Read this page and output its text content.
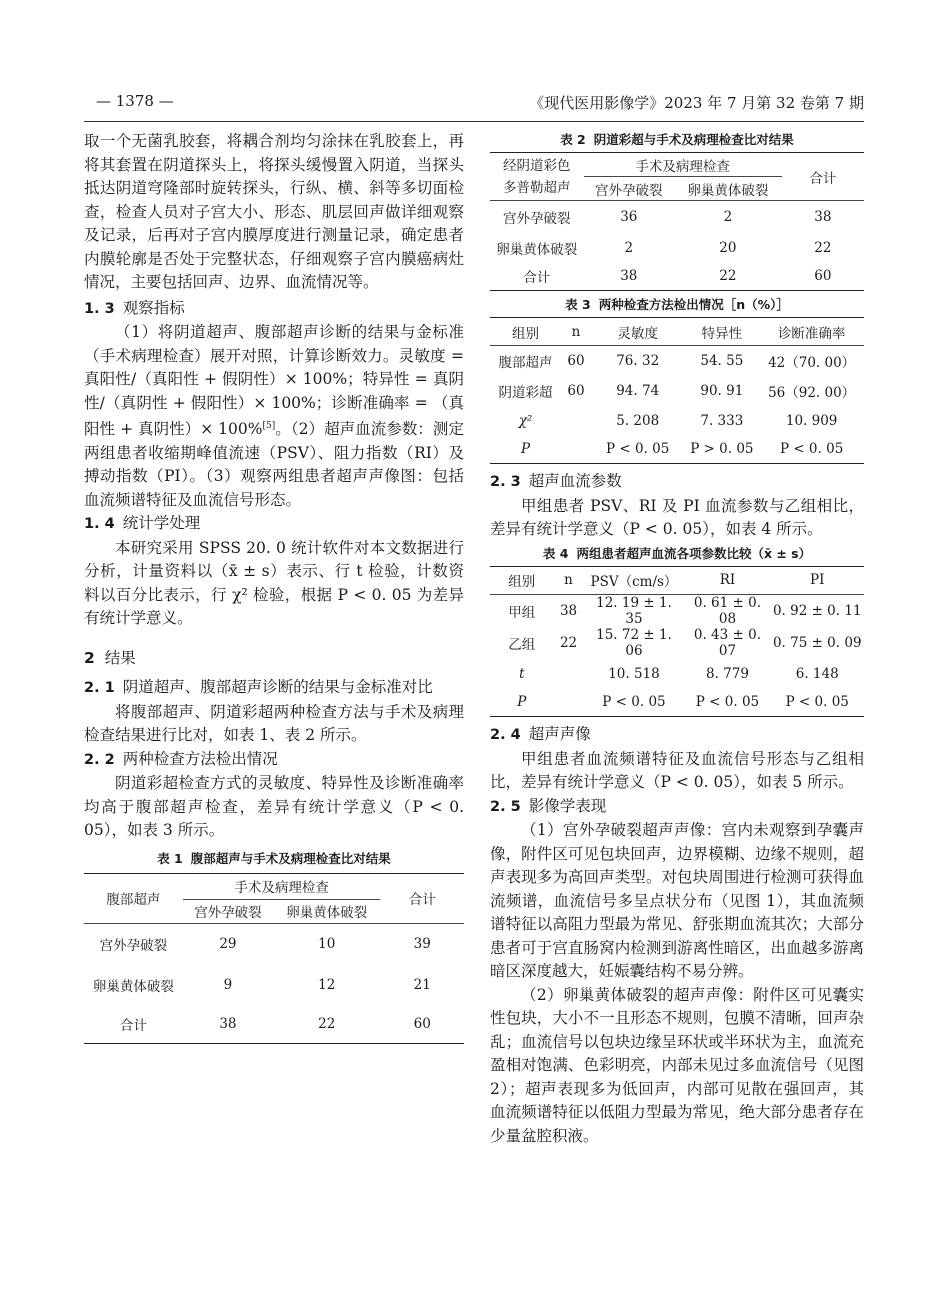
— 1378 —	《现代医用影像学》2023 年 7 月第 32 卷第 7 期

取一个无菌乳胶套，将耦合剂均匀涂抹在乳胶套上，再将其套置在阴道探头上，将探头缓慢置入阴道，当探头抵达阴道穹隆部时旋转探头，行纵、横、斜等多切面检查，检查人员对子宫大小、形态、肌层回声做详细观察及记录，后再对子宫内膜厚度进行测量记录，确定患者内膜轮廓是否处于完整状态，仔细观察子宫内膜癌病灶情况，主要包括回声、边界、血流情况等。

1. 3 观察指标

（1）将阴道超声、腹部超声诊断的结果与金标准（手术病理检查）展开对照，计算诊断效力。灵敏度 = 真阳性/（真阳性 + 假阴性）× 100%；特异性 = 真阴性/（真阴性 + 假阳性）× 100%；诊断准确率 = （真阳性 + 真阴性）× 100%[5]。（2）超声血流参数：测定两组患者收缩期峰值流速（PSV）、阻力指数（RI）及搏动指数（PI）。（3）观察两组患者超声声像图：包括血流频谱特征及血流信号形态。

1. 4 统计学处理

本研究采用 SPSS 20. 0 统计软件对本文数据进行分析，计量资料以（x̄ ± s）表示、行 t 检验，计数资料以百分比表示，行 χ² 检验，根据 P < 0. 05 为差异有统计学意义。

2 结果
2. 1 阴道超声、腹部超声诊断的结果与金标准对比

将腹部超声、阴道彩超两种检查方法与手术及病理检查结果进行比对，如表 1、表 2 所示。

2. 2 两种检查方法检出情况

阴道彩超检查方式的灵敏度、特异性及诊断准确率均高于腹部超声检查，差异有统计学意义（P < 0. 05），如表 3 所示。

表 1 腹部超声与手术及病理检查比对结果
腹部超声	手术及病理检查		合计
	宫外孕破裂	卵巢黄体破裂	
宫外孕破裂	29	10	39
卵巢黄体破裂	9	12	21
合计	38	22	60
表 2 阴道彩超与手术及病理检查比对结果
经阴道彩色
多普勒超声	手术及病理检查		合计
	宫外孕破裂	卵巢黄体破裂	
宫外孕破裂	36	2	38
卵巢黄体破裂	2	20	22
合计	38	22	60
表 3 两种检查方法检出情况［n（%）］
组别	n	灵敏度	特异性	诊断准确率
腹部超声	60	76. 32	54. 55	42（70. 00）
阴道彩超	60	94. 74	90. 91	56（92. 00）
χ²		5. 208	7. 333	10. 909
P		P < 0. 05	P > 0. 05	P < 0. 05
2. 3 超声血流参数

甲组患者 PSV、RI 及 PI 血流参数与乙组相比，差异有统计学意义（P < 0. 05），如表 4 所示。

表 4 两组患者超声血流各项参数比较（x̄ ± s）
组别	n	PSV（cm/s）	RI	PI
甲组	38	12. 19 ± 1. 35	0. 61 ± 0. 08	0. 92 ± 0. 11
乙组	22	15. 72 ± 1. 06	0. 43 ± 0. 07	0. 75 ± 0. 09
t		10. 518	8. 779	6. 148
P		P < 0. 05	P < 0. 05	P < 0. 05
2. 4 超声声像

甲组患者血流频谱特征及血流信号形态与乙组相比，差异有统计学意义（P < 0. 05），如表 5 所示。

2. 5 影像学表现

（1）宫外孕破裂超声声像：宫内未观察到孕囊声像，附件区可见包块回声，边界模糊、边缘不规则，超声表现多为高回声类型。对包块周围进行检测可获得血流频谱，血流信号多呈点状分布（见图 1），其血流频谱特征以高阻力型最为常见、舒张期血流其次；大部分患者可于宫直肠窝内检测到游离性暗区，出血越多游离暗区深度越大，妊娠囊结构不易分辨。

（2）卵巢黄体破裂的超声声像：附件区可见囊实性包块，大小不一且形态不规则，包膜不清晰，回声杂乱；血流信号以包块边缘呈环状或半环状为主，血流充盈相对饱满、色彩明亮，内部未见过多血流信号（见图 2）；超声表现多为低回声，内部可见散在强回声，其血流频谱特征以低阻力型最为常见，绝大部分患者存在少量盆腔积液。
